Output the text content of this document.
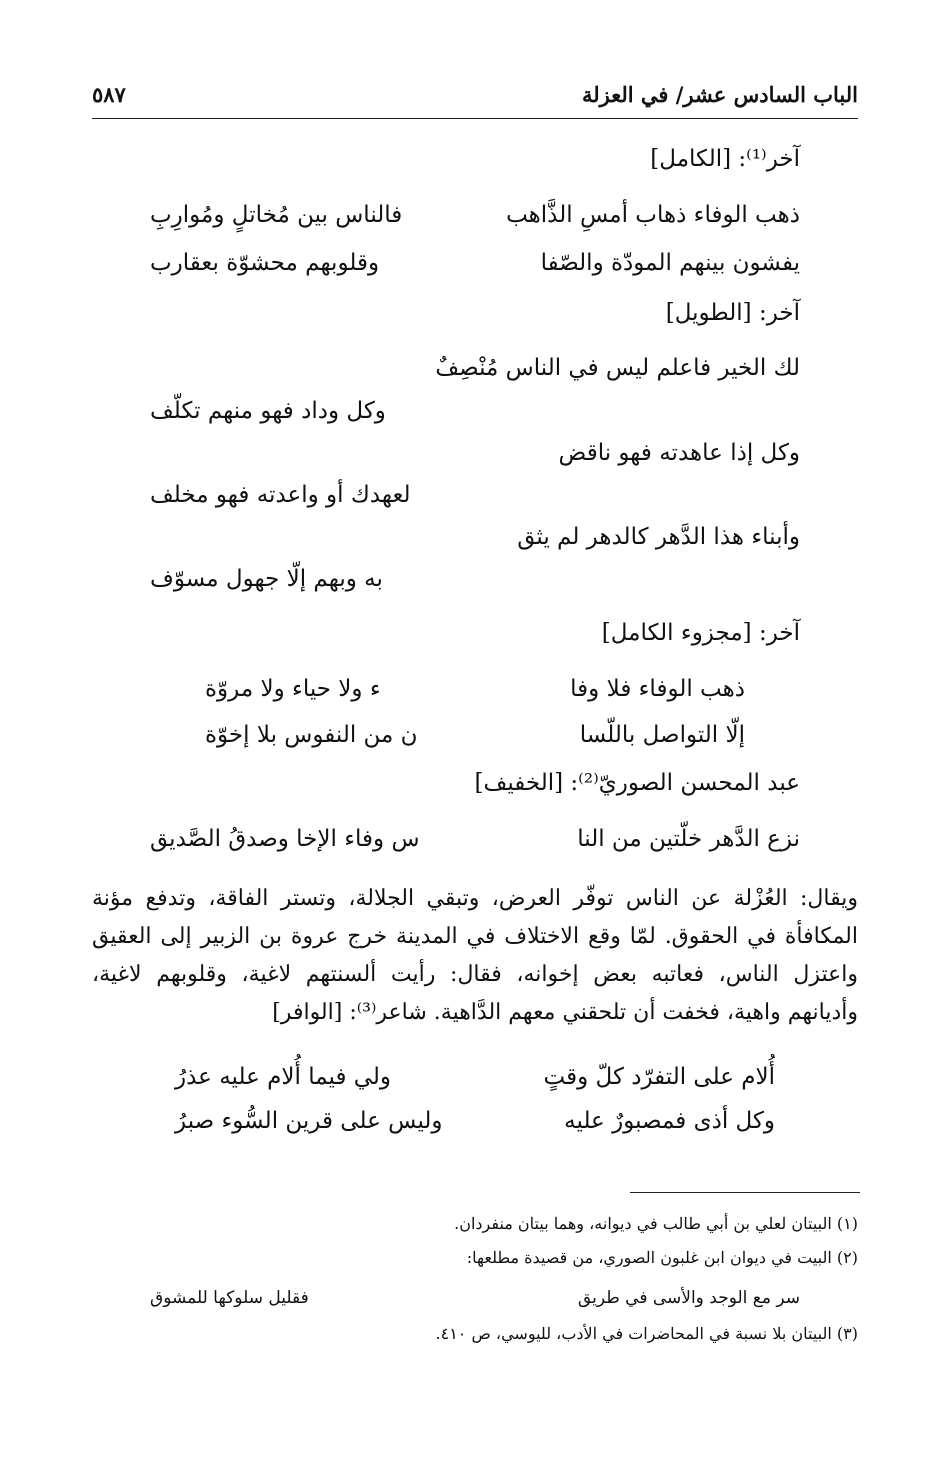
الباب السادس عشر/ في العزلة
٥٨٧
آخر⁽¹⁾: [الكامل]
ذهب الوفاء ذهاب أمسِ الذَّاهب
فالناس بين مُخاتلٍ ومُوارِبِ
يفشون بينهم المودّة والصّفا
وقلوبهم محشوّة بعقارب
آخر: [الطويل]
لك الخير فاعلم ليس في الناس مُنْصِفٌ
وكل وداد فهو منهم تكلّف
وكل إذا عاهدته فهو ناقض
لعهدك أو واعدته فهو مخلف
وأبناء هذا الدَّهر كالدهر لم يثق
به وبهم إلّا جهول مسوّف
آخر: [مجزوء الكامل]
ذهب الوفاء فلا وفا
ء ولا حياء ولا مروّة
إلّا التواصل باللّسا
ن من النفوس بلا إخوّة
عبد المحسن الصوريّ⁽²⁾: [الخفيف]
نزع الدَّهر خلّتين من النا
س وفاء الإخا وصدقُ الصَّديق
ويقال: العُزْلة عن الناس توفّر العرض، وتبقي الجلالة، وتستر الفاقة، وتدفع مؤنة المكافأة في الحقوق. لمّا وقع الاختلاف في المدينة خرج عروة بن الزبير إلى العقيق واعتزل الناس، فعاتبه بعض إخوانه، فقال: رأيت ألسنتهم لاغية، وقلوبهم لاغية، وأديانهم واهية، فخفت أن تلحقني معهم الدَّاهية. شاعر⁽³⁾: [الوافر]
أُلام على التفرّد كلّ وقتٍ
ولي فيما أُلام عليه عذرُ
وكل أذى فمصبورٌ عليه
وليس على قرين السُّوء صبرُ
(١) البيتان لعلي بن أبي طالب في ديوانه، وهما بيتان منفردان.
(٢) البيت في ديوان ابن غلبون الصوري، من قصيدة مطلعها:
سر مع الوجد والأسى في طريق
فقليل سلوكها للمشوق
(٣) البيتان بلا نسبة في المحاضرات في الأدب، لليوسي، ص ٤١٠.
